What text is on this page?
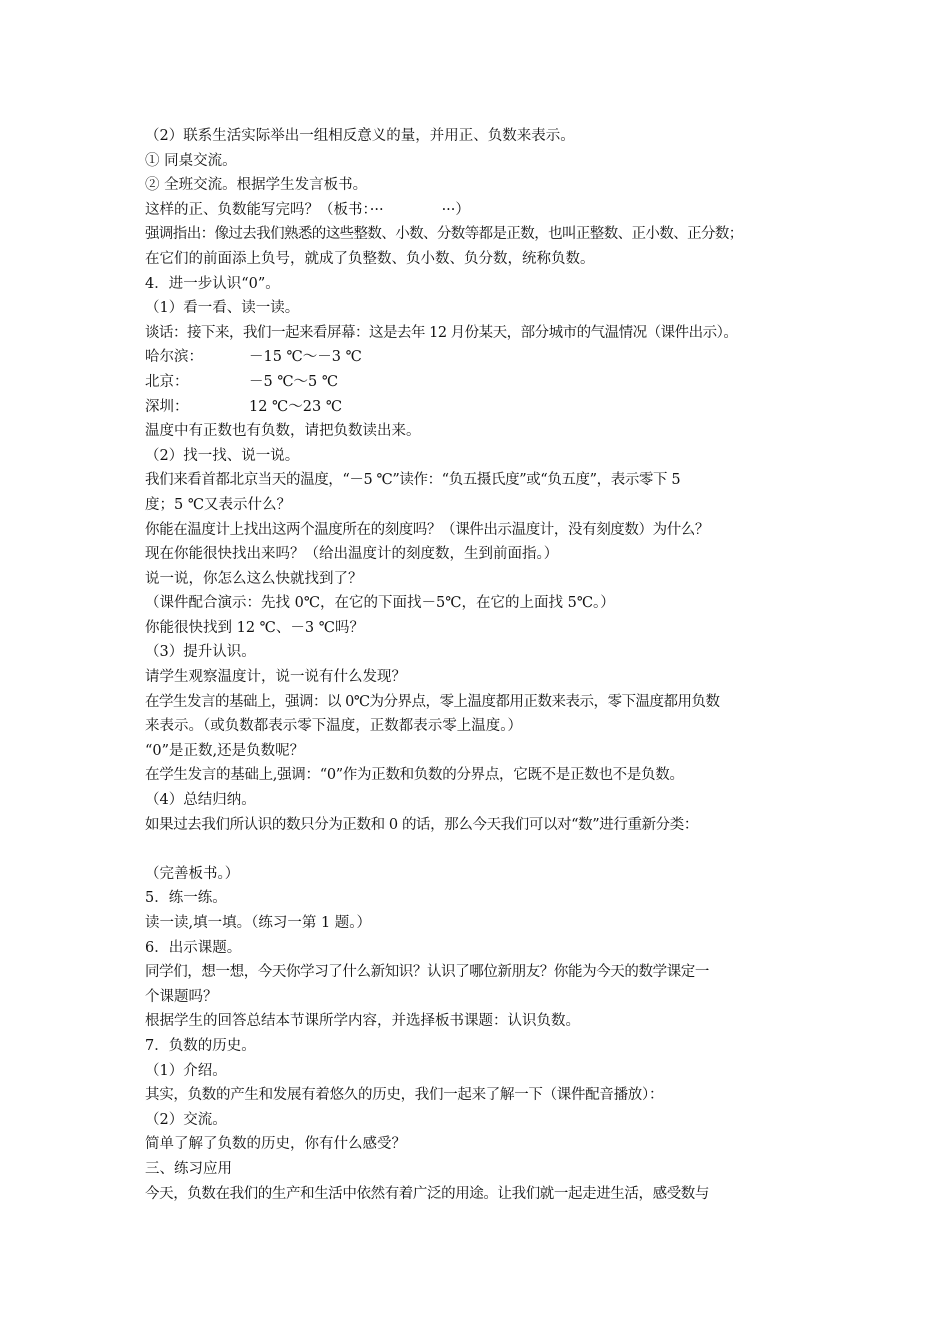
（2）联系生活实际举出一组相反意义的量，并用正、负数来表示。
① 同桌交流。
② 全班交流。根据学生发言板书。
这样的正、负数能写完吗？（板书：···　　　　···）
强调指出：像过去我们熟悉的这些整数、小数、分数等都是正数，也叫正整数、正小数、正分数；
在它们的前面添上负号，就成了负整数、负小数、负分数，统称负数。
4．进一步认识“0”。
（1）看一看、读一读。
谈话：接下来，我们一起来看屏幕：这是去年 12 月份某天，部分城市的气温情况（课件出示）。
哈尔滨：	－15 ℃～－3 ℃
北京：	－5 ℃～5 ℃
深圳：	12 ℃～23 ℃
温度中有正数也有负数，请把负数读出来。
（2）找一找、说一说。
我们来看首都北京当天的温度，“－5 ℃”读作：“负五摄氏度”或“负五度”，表示零下 5
度；5 ℃又表示什么？
你能在温度计上找出这两个温度所在的刻度吗？（课件出示温度计，没有刻度数）为什么？
现在你能很快找出来吗？（给出温度计的刻度数，生到前面指。）
说一说，你怎么这么快就找到了？
（课件配合演示：先找 0℃，在它的下面找－5℃，在它的上面找 5℃。）
你能很快找到 12 ℃、－3 ℃吗？
（3）提升认识。
请学生观察温度计，说一说有什么发现？
在学生发言的基础上，强调：以 0℃为分界点，零上温度都用正数来表示，零下温度都用负数
来表示。（或负数都表示零下温度，正数都表示零上温度。）
“0”是正数,还是负数呢？
在学生发言的基础上,强调：“0”作为正数和负数的分界点，它既不是正数也不是负数。
（4）总结归纳。
如果过去我们所认识的数只分为正数和 0 的话，那么今天我们可以对“数”进行重新分类：
（完善板书。）
5．练一练。
读一读,填一填。（练习一第 1 题。）
6．出示课题。
同学们，想一想，今天你学习了什么新知识？认识了哪位新朋友？你能为今天的数学课定一
个课题吗？
根据学生的回答总结本节课所学内容，并选择板书课题：认识负数。
7．负数的历史。
（1）介绍。
其实，负数的产生和发展有着悠久的历史，我们一起来了解一下（课件配音播放）：
（2）交流。
简单了解了负数的历史，你有什么感受？
三、练习应用
今天，负数在我们的生产和生活中依然有着广泛的用途。让我们就一起走进生活，感受数与
